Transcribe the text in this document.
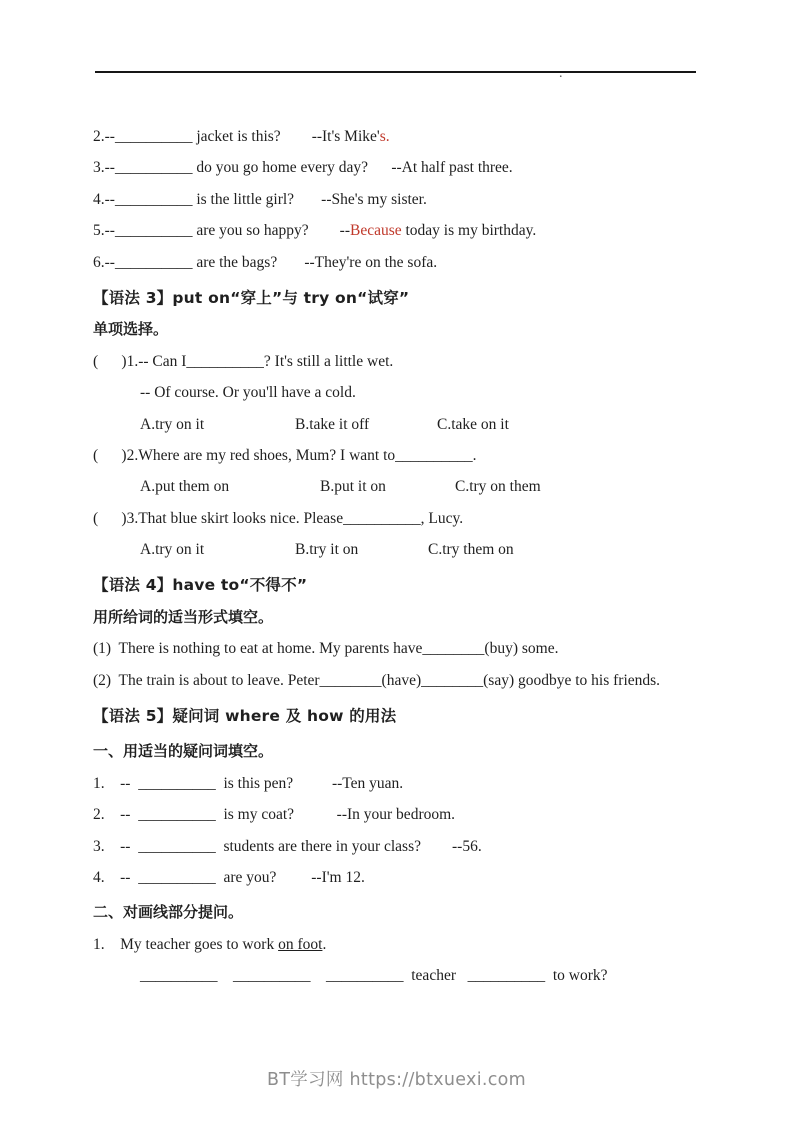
.
2.--__________ jacket is this?        --It's Mike's.
3.--__________ do you go home every day?      --At half past three.
4.--__________ is the little girl?       --She's my sister.
5.--__________ are you so happy?        --Because today is my birthday.
6.--__________ are the bags?       --They're on the sofa.
【语法 3】put on“穿上”与 try on“试穿”
单项选择。
(      )1.-- Can I__________? It's still a little wet.
-- Of course. Or you'll have a cold.
A.try on it	B.take it off	C.take on it
(      )2.Where are my red shoes, Mum? I want to__________.
A.put them on	B.put it on	C.try on them
(      )3.That blue skirt looks nice. Please__________, Lucy.
A.try on it	B.try it on	C.try them on
【语法 4】have to“不得不”
用所给词的适当形式填空。
(1)  There is nothing to eat at home. My parents have________(buy) some.
(2)  The train is about to leave. Peter________(have)________(say) goodbye to his friends.
【语法 5】疑问词 where 及 how 的用法
一、用适当的疑问词填空。
1.    --  __________  is this pen?          --Ten yuan.
2.    --  __________  is my coat?           --In your bedroom.
3.    --  __________  students are there in your class?        --56.
4.    --  __________  are you?         --I'm 12.
二、对画线部分提问。
1.    My teacher goes to work on foot.
__________    __________    __________  teacher   __________  to work?
BT学习网 https://btxuexi.com
